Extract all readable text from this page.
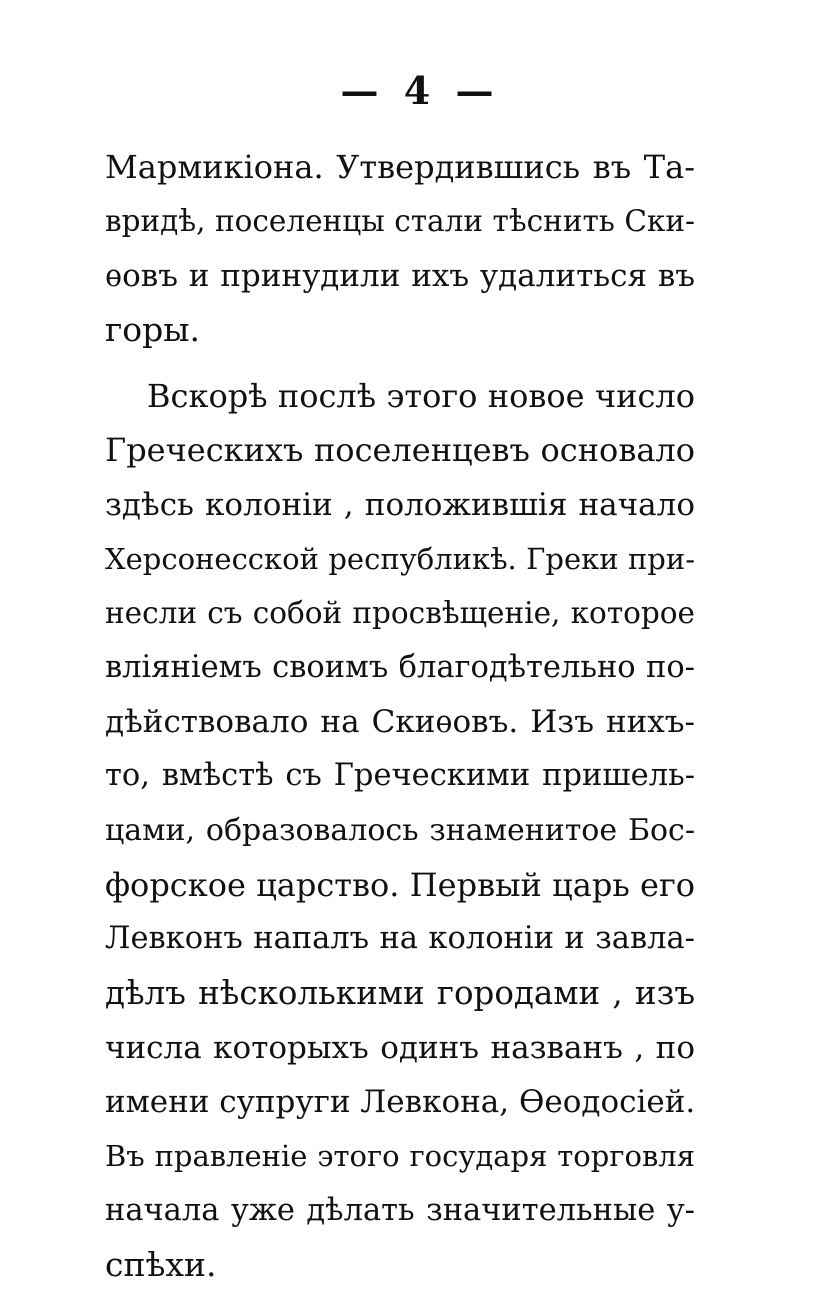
— 4 —
Мармикіона. Утвердившись въ Та-
вридѣ, поселенцы стали тѣснить Ски-
ѳовъ и принудили ихъ удалиться въ
горы.
Вскорѣ послѣ этого новое число
Греческихъ поселенцевъ основало
здѣсь колоніи , положившія начало
Херсонесской республикѣ. Греки при-
несли съ собой просвѣщеніе, которое
вліяніемъ своимъ благодѣтельно по-
дѣйствовало на Скиѳовъ. Изъ нихъ-
то, вмѣстѣ съ Греческими пришель-
цами, образовалось знаменитое Бос-
форское царство. Первый царь его
Левконъ напалъ на колоніи и завла-
дѣлъ нѣсколькими городами , изъ
числа которыхъ одинъ названъ , по
имени супруги Левкона, Ѳеодосіей.
Въ правленіе этого государя торговля
начала уже дѣлать значительные у-
спѣхи.
